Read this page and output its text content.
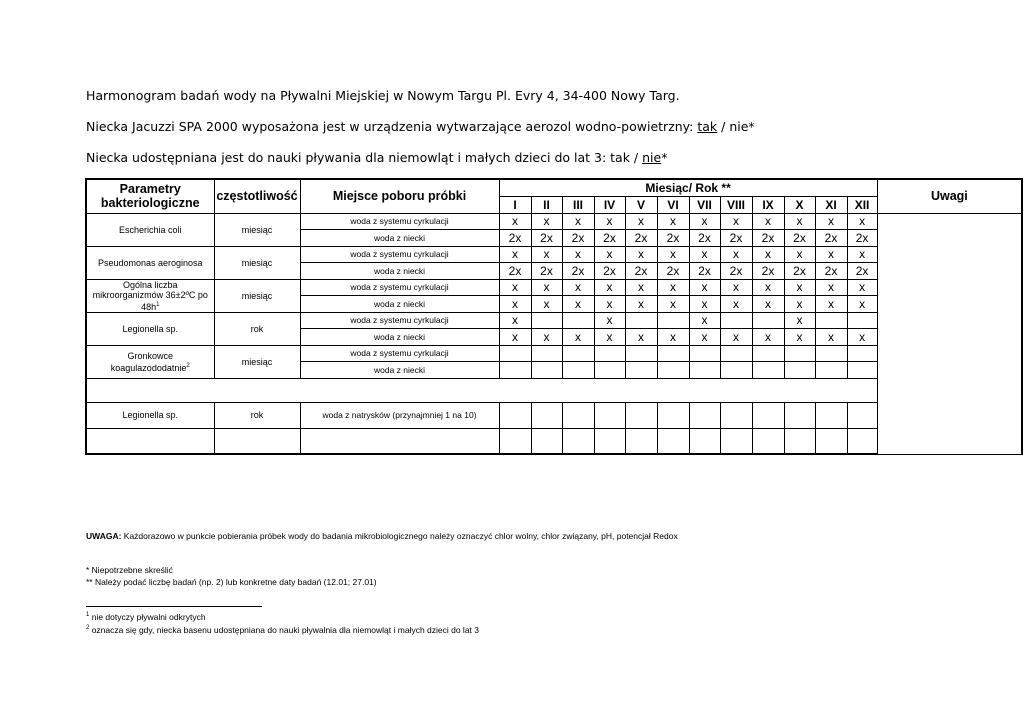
Harmonogram badań wody na Pływalni Miejskiej w Nowym Targu Pl. Evry 4, 34-400 Nowy Targ.
Niecka Jacuzzi SPA 2000 wyposażona jest w urządzenia wytwarzające aerozol wodno-powietrzny: tak / nie*
Niecka udostępniana jest do nauki pływania dla niemowląt i małych dzieci do lat 3: tak / nie*
Parametry bakteriologiczne	częstotliwość	Miejsce poboru próbki	Miesiąc/ Rok **												Uwagi
			I	II	III	IV	V	VI	VII	VIII	IX	X	XI	XII	
Escherichia coli	miesiąc	woda z systemu cyrkulacji	x	x	x	x	x	x	x	x	x	x	x	x	
		woda z niecki	2x	2x	2x	2x	2x	2x	2x	2x	2x	2x	2x	2x	
Pseudomonas aeroginosa	miesiąc	woda z systemu cyrkulacji	x	x	x	x	x	x	x	x	x	x	x	x	
		woda z niecki	2x	2x	2x	2x	2x	2x	2x	2x	2x	2x	2x	2x	
Ogólna liczba mikroorganizmów 36±2ºC po $48h^1$	miesiąc	woda z systemu cyrkulacji	x	x	x	x	x	x	x	x	x	x	x	x	
		woda z niecki	x	x	x	x	x	x	x	x	x	x	x	x	
Legionella sp.	rok	woda z systemu cyrkulacji	x			x			x			x			
		woda z niecki	x	x	x	x	x	x	x	x	x	x	x	x	
Gronkowce koagulazododatnie$^2$	miesiąc	woda z systemu cyrkulacji													
		woda z niecki													

Legionella sp.	rok	woda z natrysków (przynajmniej 1 na 10)													

UWAGA: Każdorazowo w punkcie pobierania próbek wody do badania mikrobiologicznego należy oznaczyć chlor wolny, chlor związany, pH, potencjał Redox
* Niepotrzebne skreślić
** Należy podać liczbę badań (np. 2) lub konkretne daty badań (12.01; 27.01)
$^1$ nie dotyczy pływalni odkrytych
$^2$ oznacza się gdy, niecka basenu udostępniana do nauki pływalnia dla niemowląt i małych dzieci do lat 3
